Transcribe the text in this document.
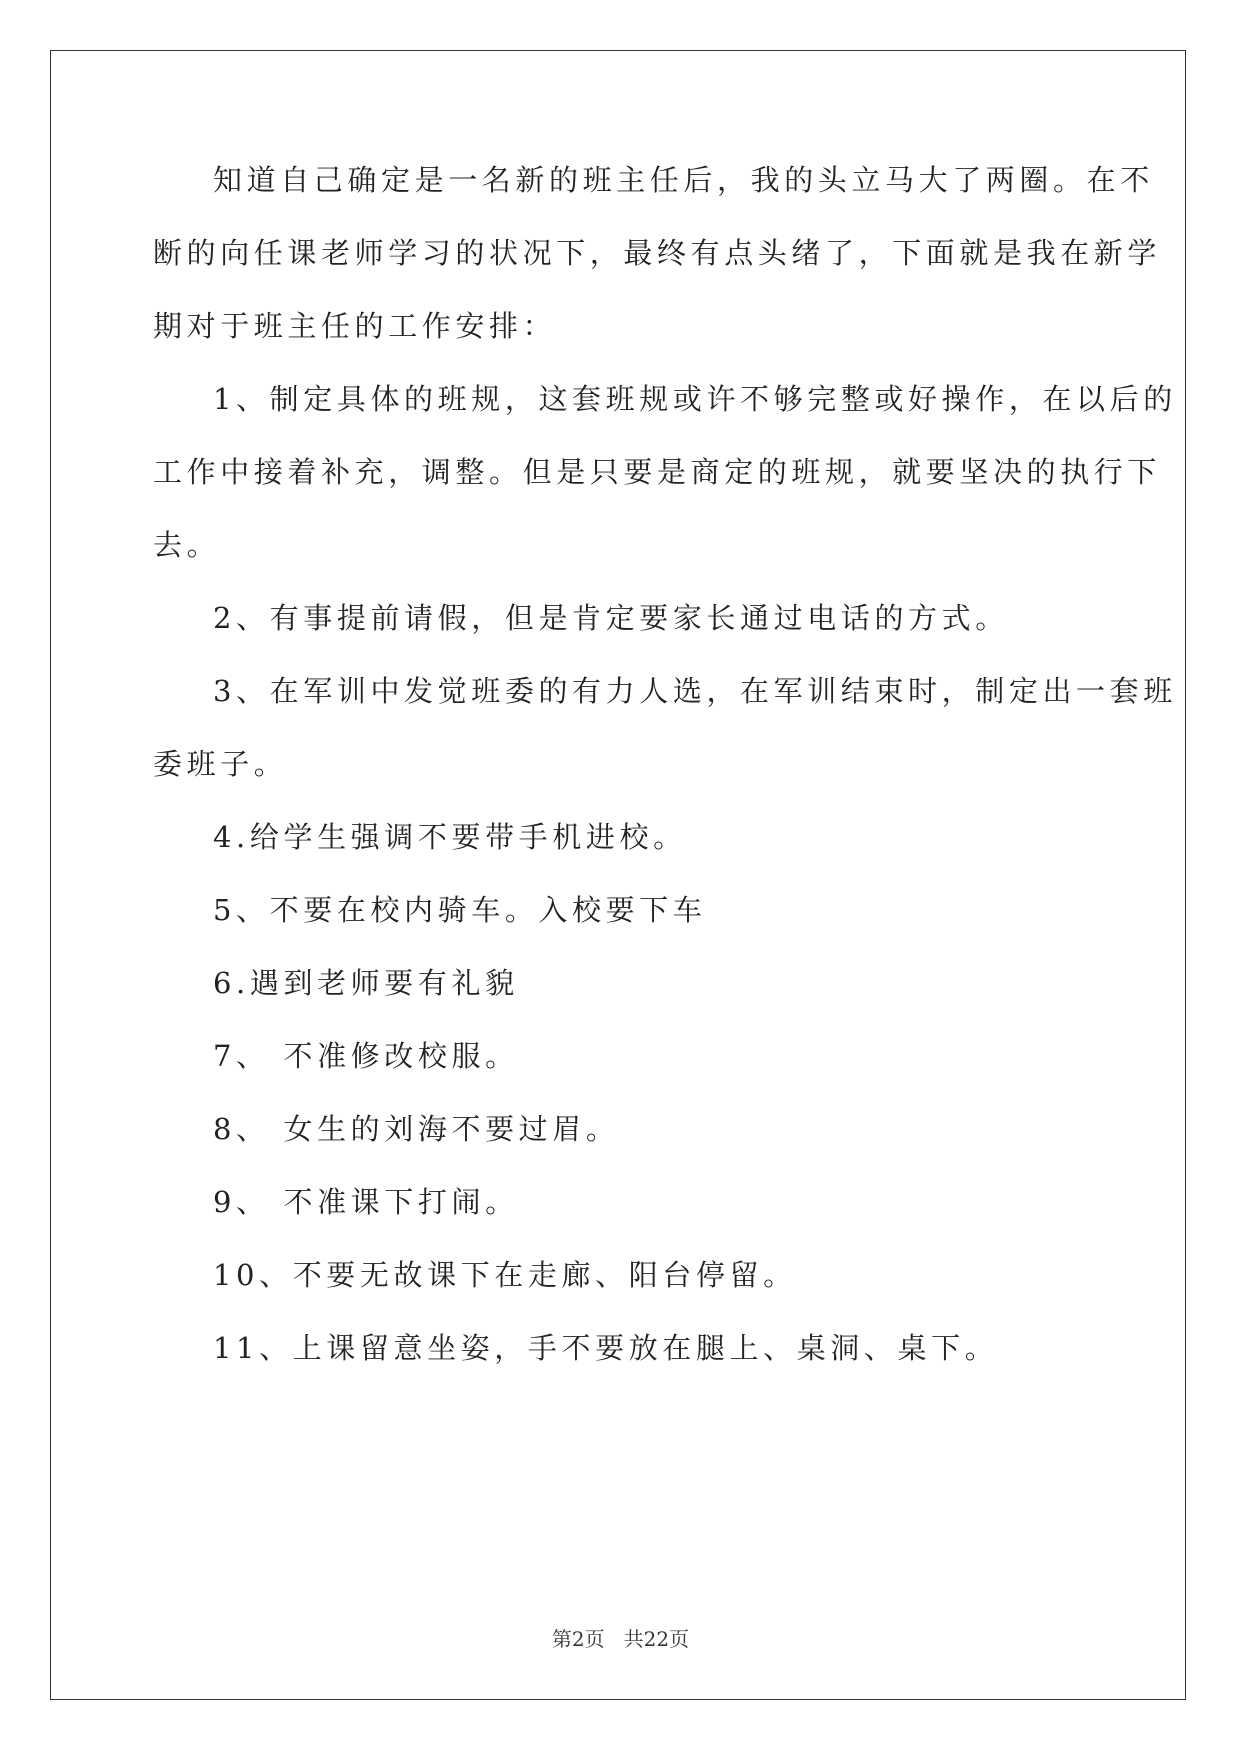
知道自己确定是一名新的班主任后，我的头立马大了两圈。在不
断的向任课老师学习的状况下，最终有点头绪了，下面就是我在新学
期对于班主任的工作安排：
1、制定具体的班规，这套班规或许不够完整或好操作，在以后的
工作中接着补充，调整。但是只要是商定的班规，就要坚决的执行下
去。
2、有事提前请假，但是肯定要家长通过电话的方式。
3、在军训中发觉班委的有力人选，在军训结束时，制定出一套班
委班子。
4.给学生强调不要带手机进校。
5、不要在校内骑车。入校要下车
6.遇到老师要有礼貌
7、 不准修改校服。
8、 女生的刘海不要过眉。
9、 不准课下打闹。
10、不要无故课下在走廊、阳台停留。
11、上课留意坐姿，手不要放在腿上、桌洞、桌下。
第2页   共22页
